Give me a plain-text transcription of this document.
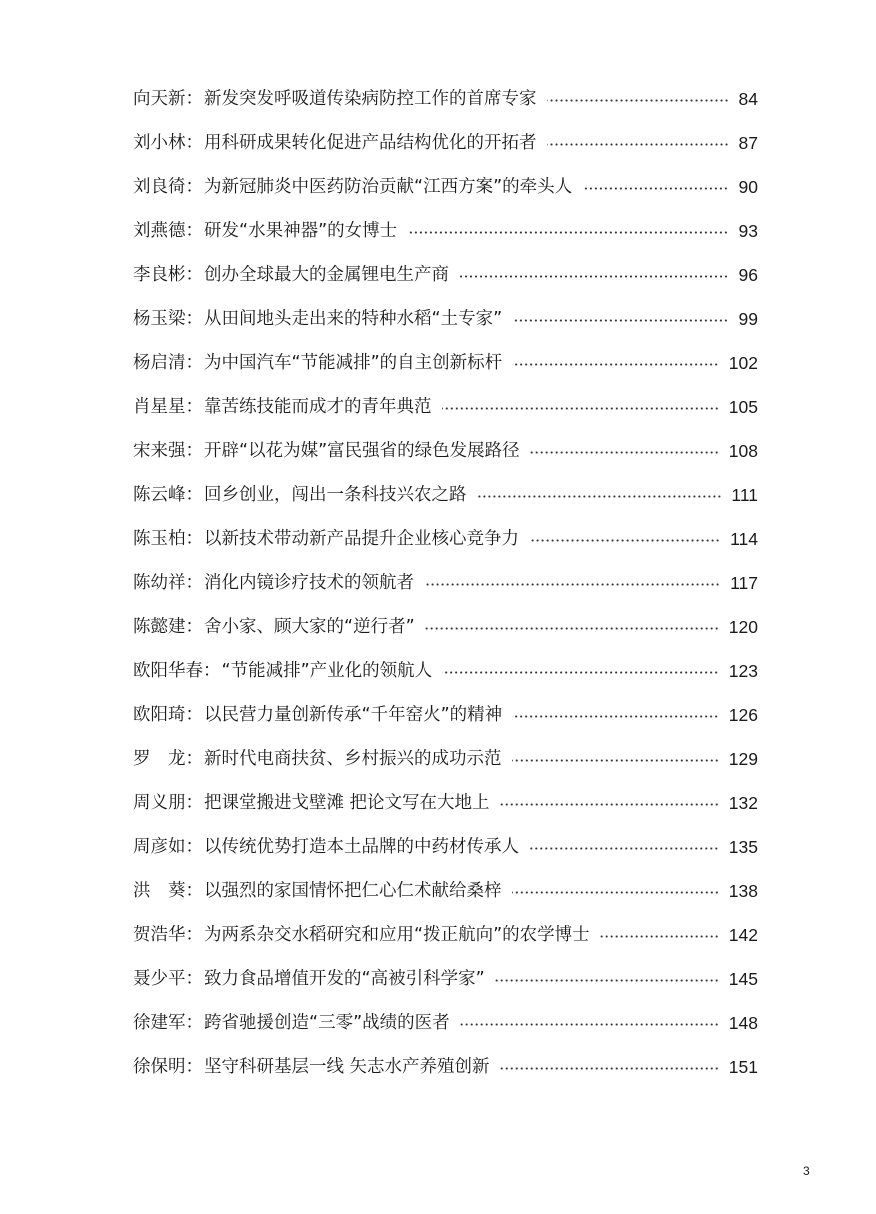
向天新 ： 新发突发呼吸道传染病防控工作的首席专家	84
刘小林 ： 用科研成果转化促进产品结构优化的开拓者	87
刘良徛 ： 为新冠肺炎中医药防治贡献“江西方案”的牵头人	90
刘燕德 ： 研发“水果神器”的女博士	93
李良彬 ： 创办全球最大的金属锂电生产商	96
杨玉梁 ： 从田间地头走出来的特种水稻“土专家”	99
杨启清 ： 为中国汽车“节能减排”的自主创新标杆	102
肖星星 ： 靠苦练技能而成才的青年典范	105
宋来强 ： 开辟“以花为媒”富民强省的绿色发展路径	108
陈云峰 ： 回乡创业，闯出一条科技兴农之路	111
陈玉柏 ： 以新技术带动新产品提升企业核心竞争力	114
陈幼祥 ： 消化内镜诊疗技术的领航者	117
陈懿建 ： 舍小家、顾大家的“逆行者”	120
欧阳华春 ： “节能减排”产业化的领航人	123
欧阳琦 ： 以民营力量创新传承“千年窑火”的精神	126
罗　龙 ： 新时代电商扶贫、乡村振兴的成功示范	129
周义朋 ： 把课堂搬进戈壁滩 把论文写在大地上	132
周彦如 ： 以传统优势打造本土品牌的中药材传承人	135
洪　葵 ： 以强烈的家国情怀把仁心仁术献给桑梓	138
贺浩华 ： 为两系杂交水稻研究和应用“拨正航向”的农学博士	142
聂少平 ： 致力食品增值开发的“高被引科学家”	145
徐建军 ： 跨省驰援创造“三零”战绩的医者	148
徐保明 ： 坚守科研基层一线 矢志水产养殖创新	151
3
